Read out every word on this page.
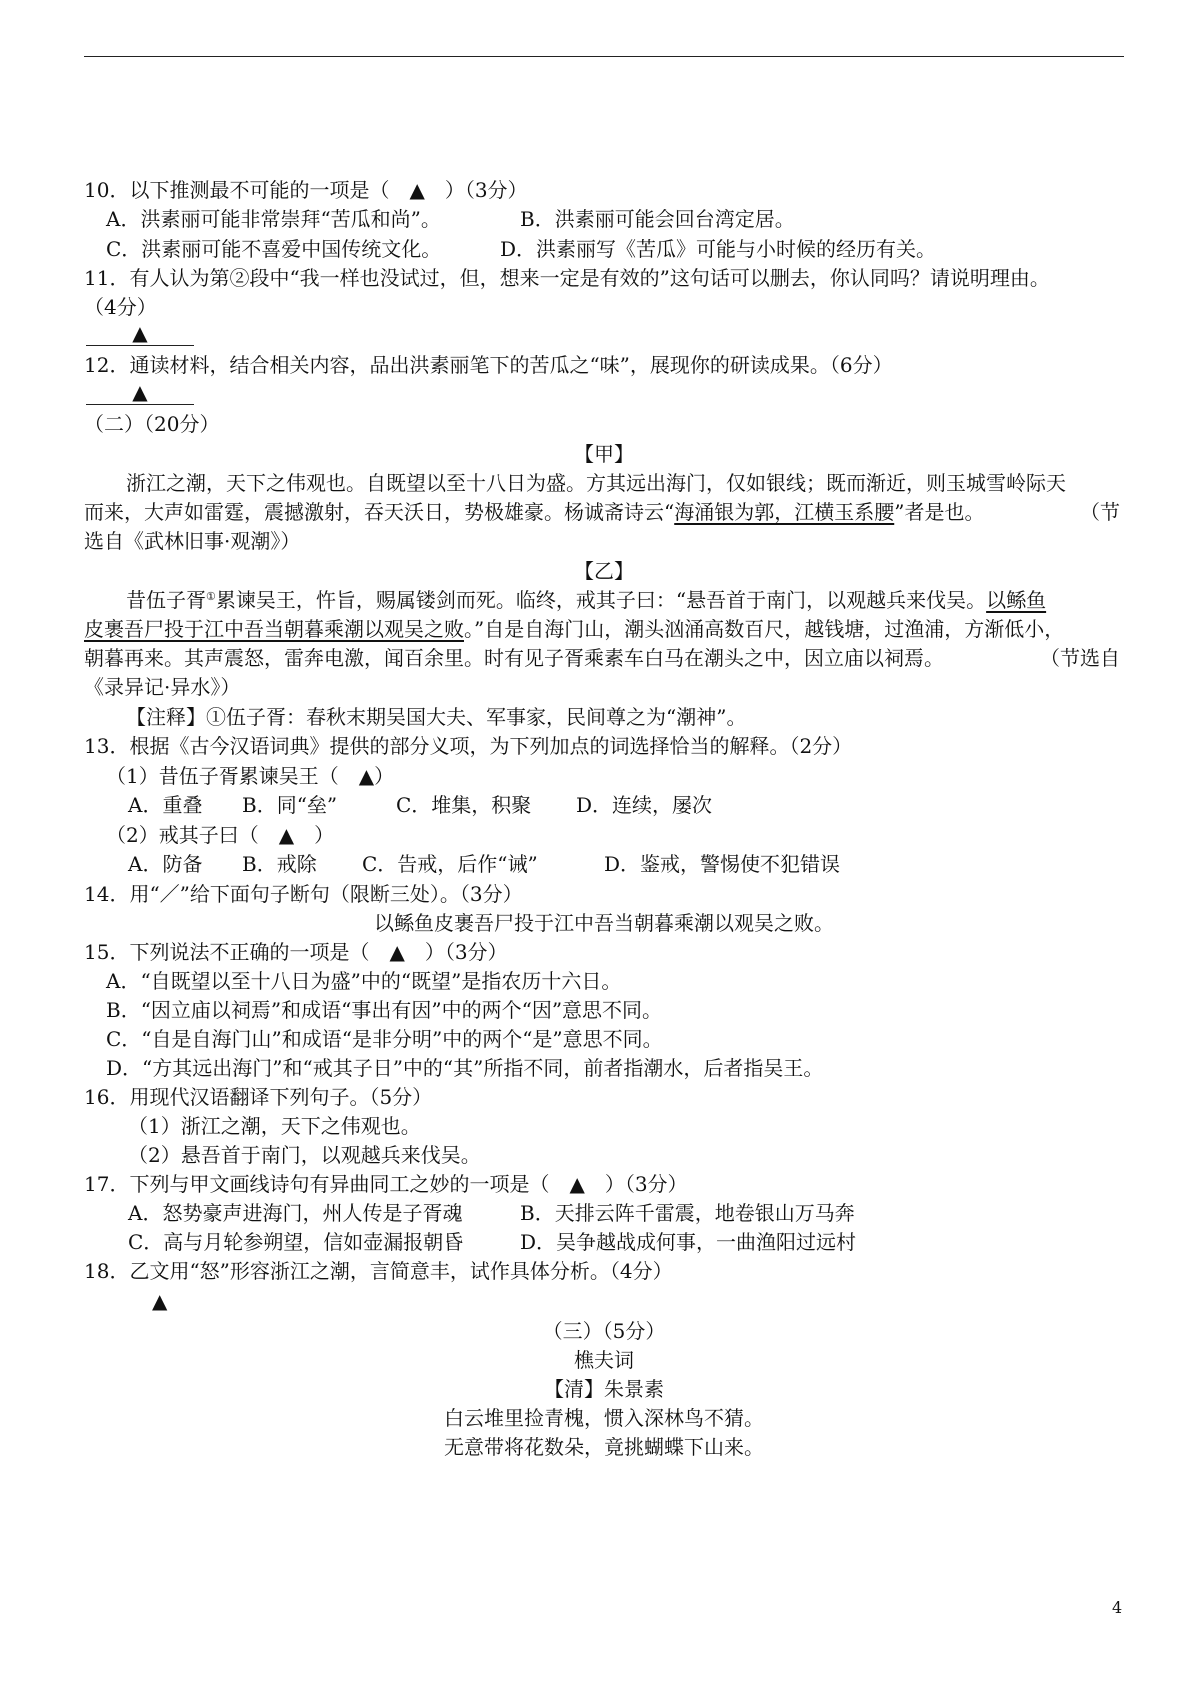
10．以下推测最不可能的一项是（　▲　）（3分）
A．洪素丽可能非常崇拜“苦瓜和尚”。	B．洪素丽可能会回台湾定居。
C．洪素丽可能不喜爱中国传统文化。	D．洪素丽写《苦瓜》可能与小时候的经历有关。
11．有人认为第②段中“我一样也没试过，但，想来一定是有效的”这句话可以删去，你认同吗？请说明理由。
（4分）
▲
12．通读材料，结合相关内容，品出洪素丽笔下的苦瓜之“味”，展现你的研读成果。（6分）
▲
（二）（20分）
【甲】
浙江之潮，天下之伟观也。自既望以至十八日为盛。方其远出海门，仅如银线；既而渐近，则玉城雪岭际天
而来，大声如雷霆，震撼激射，吞天沃日，势极雄豪。杨诚斋诗云“海涌银为郭，江横玉系腰”者是也。	（节
选自《武林旧事·观潮》）
【乙】
昔伍子胥①累谏吴王，忤旨，赐属镂剑而死。临终，戒其子曰：“悬吾首于南门，以观越兵来伐吴。以鲧鱼
皮裹吾尸投于江中吾当朝暮乘潮以观吴之败。”自是自海门山，潮头汹涌高数百尺，越钱塘，过渔浦，方渐低小，
朝暮再来。其声震怒，雷奔电激，闻百余里。时有见子胥乘素车白马在潮头之中，因立庙以祠焉。	（节选自
《录异记·异水》）
【注释】①伍子胥：春秋末期吴国大夫、军事家，民间尊之为“潮神”。
13．根据《古今汉语词典》提供的部分义项，为下列加点的词选择恰当的解释。（2分）
（1）昔伍子胥累谏吴王（　▲）
A．重叠 B．同“垒”	C．堆集，积聚 D．连续，屡次
（2）戒其子曰（　▲　）
A．防备 B．戒除 C．告戒，后作“诫”	D．鉴戒，警惕使不犯错误
14．用“／”给下面句子断句（限断三处）。（3分）
以鲧鱼皮裹吾尸投于江中吾当朝暮乘潮以观吴之败。
15．下列说法不正确的一项是（　▲　）（3分）
A．“自既望以至十八日为盛”中的“既望”是指农历十六日。
B．“因立庙以祠焉”和成语“事出有因”中的两个“因”意思不同。
C．“自是自海门山”和成语“是非分明”中的两个“是”意思不同。
D．“方其远出海门”和“戒其子日”中的“其”所指不同，前者指潮水，后者指吴王。
16．用现代汉语翻译下列句子。（5分）
（1）浙江之潮，天下之伟观也。
（2）悬吾首于南门，以观越兵来伐吴。
17．下列与甲文画线诗句有异曲同工之妙的一项是（　▲　）（3分）
A．怒势豪声进海门，州人传是子胥魂	B．天排云阵千雷震，地卷银山万马奔
C．高与月轮参朔望，信如壶漏报朝昏	D．吴争越战成何事，一曲渔阳过远村
18．乙文用“怒”形容浙江之潮，言简意丰，试作具体分析。（4分）
▲
（三）（5分）
樵夫词
【清】朱景素
白云堆里捡青槐，惯入深林鸟不猜。
无意带将花数朵，竟挑蝴蝶下山来。
4
